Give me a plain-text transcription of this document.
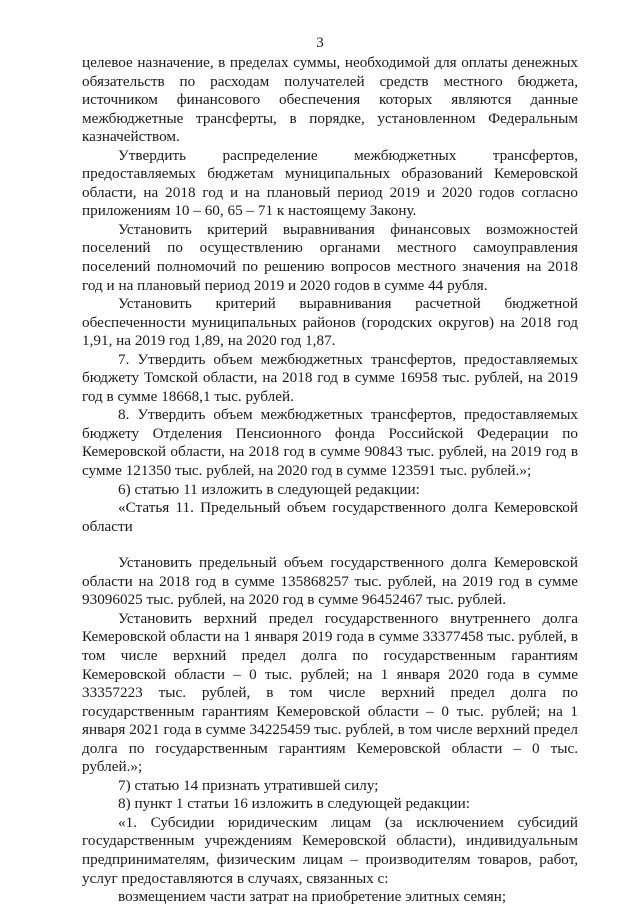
3

целевое назначение, в пределах суммы, необходимой для оплаты денежных обязательств по расходам получателей средств местного бюджета, источником финансового обеспечения которых являются данные межбюджетные трансферты, в порядке, установленном Федеральным казначейством.

Утвердить распределение межбюджетных трансфертов, предоставляемых бюджетам муниципальных образований Кемеровской области, на 2018 год и на плановый период 2019 и 2020 годов согласно приложениям 10 – 60, 65 – 71 к настоящему Закону.

Установить критерий выравнивания финансовых возможностей поселений по осуществлению органами местного самоуправления поселений полномочий по решению вопросов местного значения на 2018 год и на плановый период 2019 и 2020 годов в сумме 44 рубля.

Установить критерий выравнивания расчетной бюджетной обеспеченности муниципальных районов (городских округов) на 2018 год 1,91, на 2019 год 1,89, на 2020 год 1,87.

7. Утвердить объем межбюджетных трансфертов, предоставляемых бюджету Томской области, на 2018 год в сумме 16958 тыс. рублей, на 2019 год в сумме 18668,1 тыс. рублей.

8. Утвердить объем межбюджетных трансфертов, предоставляемых бюджету Отделения Пенсионного фонда Российской Федерации по Кемеровской области, на 2018 год в сумме 90843 тыс. рублей, на 2019 год в сумме 121350 тыс. рублей, на 2020 год в сумме 123591 тыс. рублей.»;

6) статью 11 изложить в следующей редакции:

«Статья 11. Предельный объем государственного долга Кемеровской области

Установить предельный объем государственного долга Кемеровской области на 2018 год в сумме 135868257 тыс. рублей, на 2019 год в сумме 93096025 тыс. рублей, на 2020 год в сумме 96452467 тыс. рублей.

Установить верхний предел государственного внутреннего долга Кемеровской области на 1 января 2019 года в сумме 33377458 тыс. рублей, в том числе верхний предел долга по государственным гарантиям Кемеровской области – 0 тыс. рублей; на 1 января 2020 года в сумме 33357223 тыс. рублей, в том числе верхний предел долга по государственным гарантиям Кемеровской области – 0 тыс. рублей; на 1 января 2021 года в сумме 34225459 тыс. рублей, в том числе верхний предел долга по государственным гарантиям Кемеровской области – 0 тыс. рублей.»;

7) статью 14 признать утратившей силу;

8) пункт 1 статьи 16 изложить в следующей редакции:

«1. Субсидии юридическим лицам (за исключением субсидий государственным учреждениям Кемеровской области), индивидуальным предпринимателям, физическим лицам – производителям товаров, работ, услуг предоставляются в случаях, связанных с:

возмещением части затрат на приобретение элитных семян;
